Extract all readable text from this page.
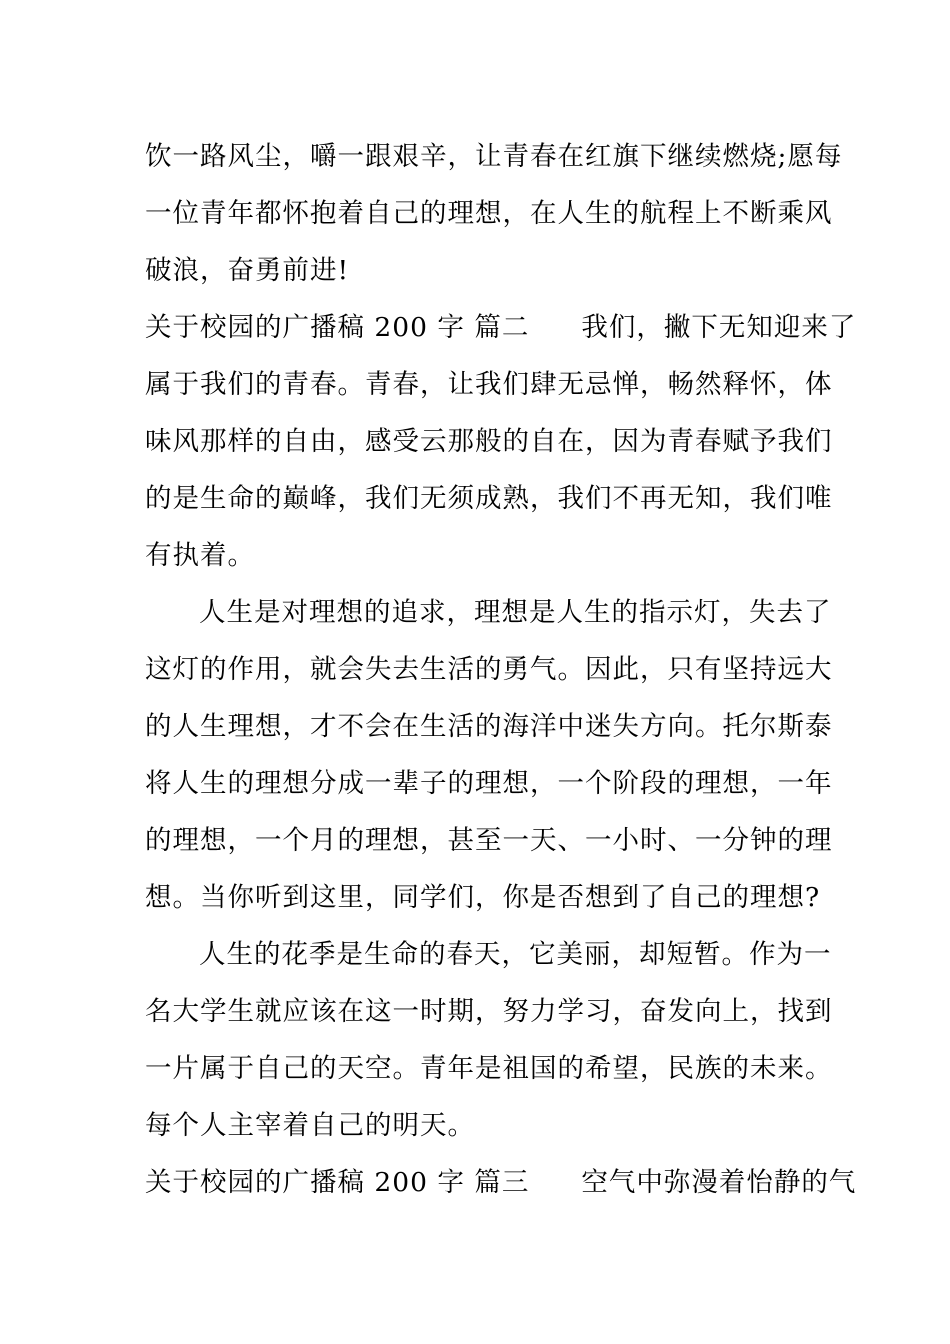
饮一路风尘，嚼一跟艰辛，让青春在红旗下继续燃烧;愿每
一位青年都怀抱着自己的理想，在人生的航程上不断乘风
破浪，奋勇前进!
关于校园的广播稿 200 字 篇二 我们，撇下无知迎来了
属于我们的青春。青春，让我们肆无忌惮，畅然释怀，体
味风那样的自由，感受云那般的自在，因为青春赋予我们
的是生命的巅峰，我们无须成熟，我们不再无知，我们唯
有执着。
人生是对理想的追求，理想是人生的指示灯，失去了
这灯的作用，就会失去生活的勇气。因此，只有坚持远大
的人生理想，才不会在生活的海洋中迷失方向。托尔斯泰
将人生的理想分成一辈子的理想，一个阶段的理想，一年
的理想，一个月的理想，甚至一天、一小时、一分钟的理
想。当你听到这里，同学们，你是否想到了自己的理想?
人生的花季是生命的春天，它美丽，却短暂。作为一
名大学生就应该在这一时期，努力学习，奋发向上，找到
一片属于自己的天空。青年是祖国的希望，民族的未来。
每个人主宰着自己的明天。
关于校园的广播稿 200 字 篇三 空气中弥漫着怡静的气
